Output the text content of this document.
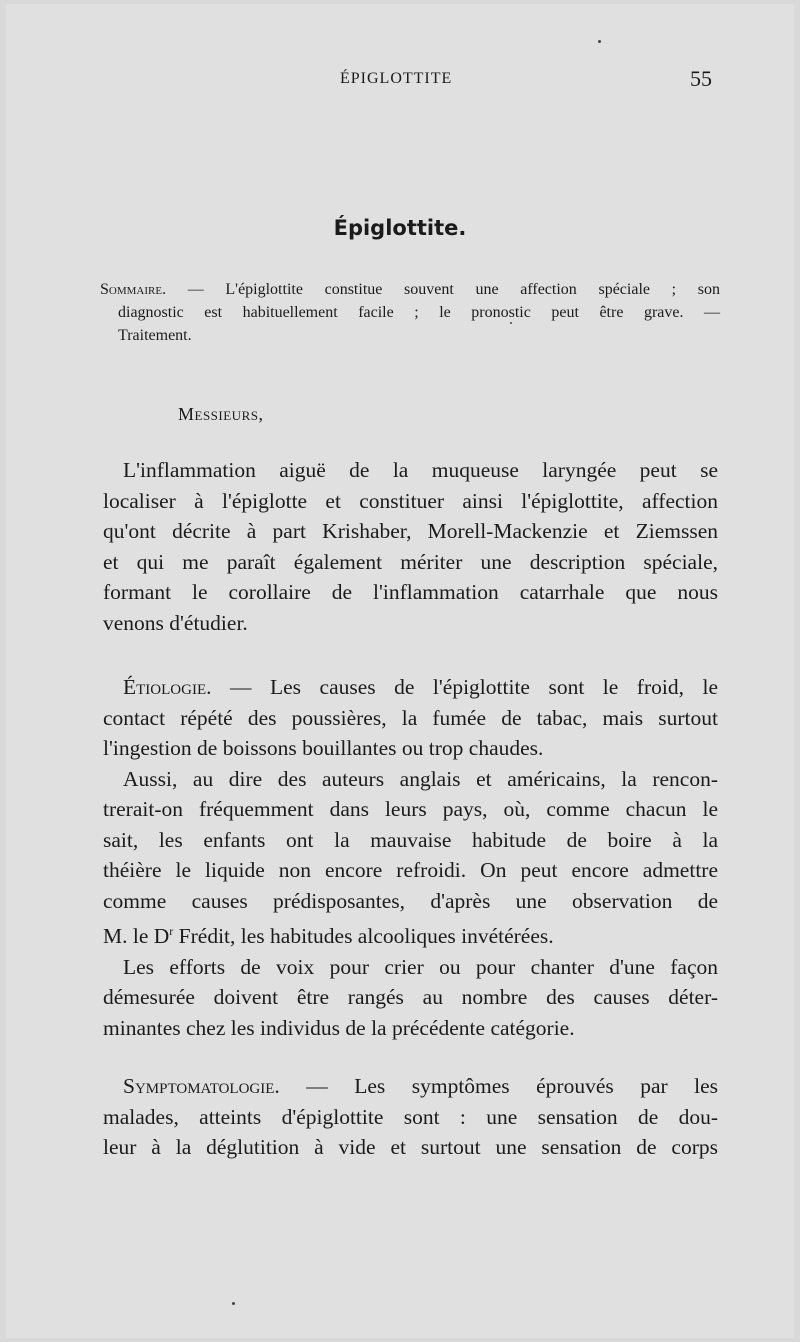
ÉPIGLOTTITE	55
Épiglottite.
Sommaire. — L'épiglottite constitue souvent une affection spéciale ; son
diagnostic est habituellement facile ; le pronostic peut être grave. —
Traitement.
Messieurs,
L'inflammation aiguë de la muqueuse laryngée peut se
localiser à l'épiglotte et constituer ainsi l'épiglottite, affection
qu'ont décrite à part Krishaber, Morell-Mackenzie et Ziemssen
et qui me paraît également mériter une description spéciale,
formant le corollaire de l'inflammation catarrhale que nous
venons d'étudier.
Étiologie. — Les causes de l'épiglottite sont le froid, le
contact répété des poussières, la fumée de tabac, mais surtout
l'ingestion de boissons bouillantes ou trop chaudes.
Aussi, au dire des auteurs anglais et américains, la rencon-
trerait-on fréquemment dans leurs pays, où, comme chacun le
sait, les enfants ont la mauvaise habitude de boire à la
théière le liquide non encore refroidi. On peut encore admettre
comme causes prédisposantes, d'après une observation de
M. le $D^r$ Frédit, les habitudes alcooliques invétérées.
Les efforts de voix pour crier ou pour chanter d'une façon
démesurée doivent être rangés au nombre des causes déter-
minantes chez les individus de la précédente catégorie.
Symptomatologie. — Les symptômes éprouvés par les
malades, atteints d'épiglottite sont : une sensation de dou-
leur à la déglutition à vide et surtout une sensation de corps
